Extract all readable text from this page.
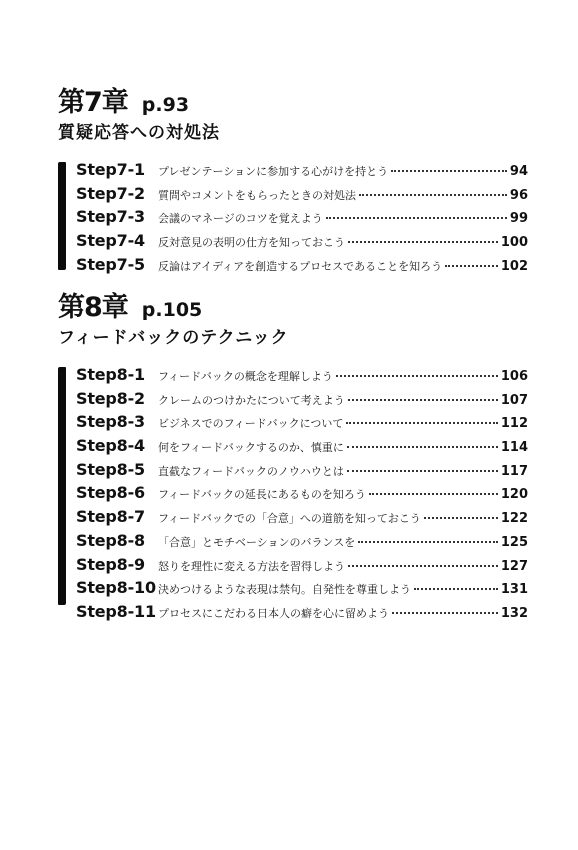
第7章 p.93
質疑応答への対処法
Step7-1	プレゼンテーションに参加する心がけを持とう	94
Step7-2	質問やコメントをもらったときの対処法	96
Step7-3	会議のマネージのコツを覚えよう	99
Step7-4	反対意見の表明の仕方を知っておこう	100
Step7-5	反論はアイディアを創造するプロセスであることを知ろう	102
第8章 p.105
フィードバックのテクニック
Step8-1	フィードバックの概念を理解しよう	106
Step8-2	クレームのつけかたについて考えよう	107
Step8-3	ビジネスでのフィードバックについて	112
Step8-4	何をフィードバックするのか、慎重に	114
Step8-5	直截なフィードバックのノウハウとは	117
Step8-6	フィードバックの延長にあるものを知ろう	120
Step8-7	フィードバックでの「合意」への道筋を知っておこう	122
Step8-8	「合意」とモチベーションのバランスを	125
Step8-9	怒りを理性に変える方法を習得しよう	127
Step8-10 決めつけるような表現は禁句。自発性を尊重しよう	131
Step8-11 プロセスにこだわる日本人の癖を心に留めよう	132
